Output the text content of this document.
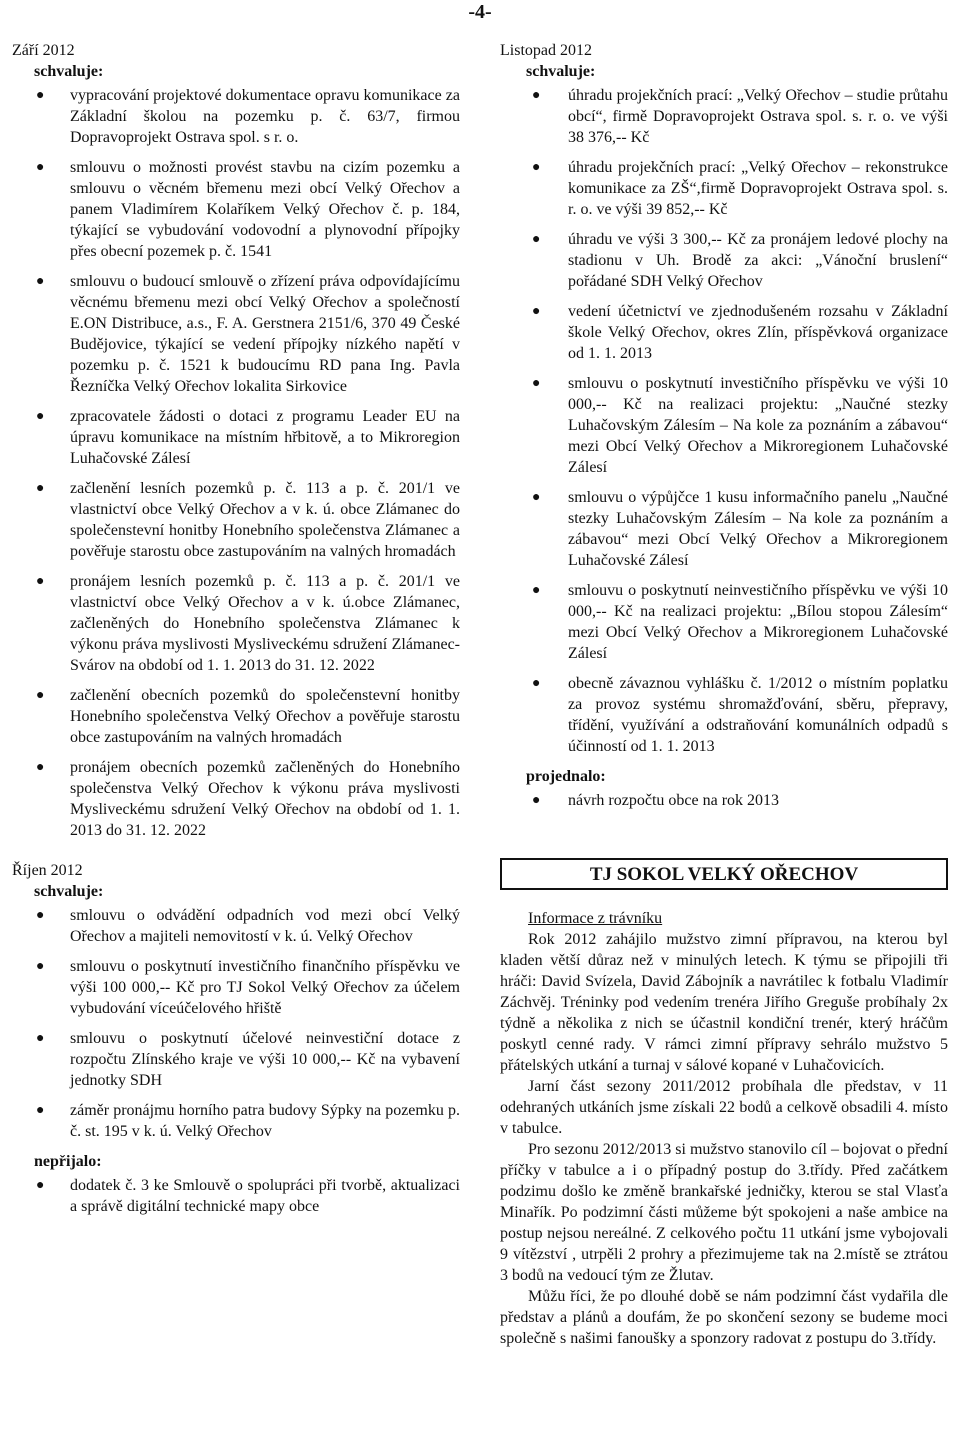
-4-
Září 2012
schvaluje:
● vypracování projektové dokumentace opravu komunikace za Základní školou na pozemku p. č. 63/7, firmou Dopravoprojekt Ostrava spol. s r. o.
● smlouvu o možnosti provést stavbu na cizím pozemku a smlouvu o věcném břemenu mezi obcí Velký Ořechov a panem Vladimírem Kolaříkem Velký Ořechov č. p. 184, týkající se vybudování vodovodní a plynovodní přípojky přes obecní pozemek p. č. 1541
● smlouvu o budoucí smlouvě o zřízení práva odpovídajícímu věcnému břemenu mezi obcí Velký Ořechov a společností E.ON Distribuce, a.s., F. A. Gerstnera 2151/6, 370 49 České Budějovice, týkající se vedení přípojky nízkého napětí v pozemku p. č. 1521 k budoucímu RD pana Ing. Pavla Řezníčka Velký Ořechov lokalita Sirkovice
● zpracovatele žádosti o dotaci z programu Leader EU na úpravu komunikace na místním hřbitově, a to Mikroregion Luhačovské Zálesí
● začlenění lesních pozemků p. č. 113 a p. č. 201/1 ve vlastnictví obce Velký Ořechov a v k. ú. obce Zlámanec do společenstevní honitby Honebního společenstva Zlámanec a pověřuje starostu obce zastupováním na valných hromadách
● pronájem lesních pozemků p. č. 113 a p. č. 201/1 ve vlastnictví obce Velký Ořechov a v k. ú.obce Zlámanec, začleněných do Honebního společenstva Zlámanec k výkonu práva myslivosti Mysliveckému sdružení Zlámanec-Svárov na období od 1. 1. 2013 do 31. 12. 2022
● začlenění obecních pozemků do společenstevní honitby Honebního společenstva Velký Ořechov a pověřuje starostu obce zastupováním na valných hromadách
● pronájem obecních pozemků začleněných do Honebního společenstva Velký Ořechov k výkonu práva myslivosti Mysliveckému sdružení Velký Ořechov na období od 1. 1. 2013 do 31. 12. 2022
Říjen 2012
schvaluje:
● smlouvu o odvádění odpadních vod mezi obcí Velký Ořechov a majiteli nemovitostí v k. ú. Velký Ořechov
● smlouvu o poskytnutí investičního finančního příspěvku ve výši 100 000,-- Kč pro TJ Sokol Velký Ořechov za účelem vybudování víceúčelového hřiště
● smlouvu o poskytnutí účelové neinvestiční dotace z rozpočtu Zlínského kraje ve výši 10 000,-- Kč na vybavení jednotky SDH
● záměr pronájmu horního patra budovy Sýpky na pozemku p. č. st. 195 v k. ú. Velký Ořechov
nepřijalo:
● dodatek č. 3 ke Smlouvě o spolupráci při tvorbě, aktualizaci a správě digitální technické mapy obce
Listopad 2012
schvaluje:
● úhradu projekčních prací: „Velký Ořechov – studie průtahu obcí“, firmě Dopravoprojekt Ostrava spol. s. r. o. ve výši 38 376,-- Kč
● úhradu projekčních prací: „Velký Ořechov – rekonstrukce komunikace za ZŠ“,firmě Dopravoprojekt Ostrava spol. s. r. o. ve výši 39 852,-- Kč
● úhradu ve výši 3 300,-- Kč za pronájem ledové plochy na stadionu v Uh. Brodě za akci: „Vánoční bruslení“ pořádané SDH Velký Ořechov
● vedení účetnictví ve zjednodušeném rozsahu v Základní škole Velký Ořechov, okres Zlín, příspěvková organizace od 1. 1. 2013
● smlouvu o poskytnutí investičního příspěvku ve výši 10 000,-- Kč na realizaci projektu: „Naučné stezky Luhačovským Zálesím – Na kole za poznáním a zábavou“ mezi Obcí Velký Ořechov a Mikroregionem Luhačovské Zálesí
● smlouvu o výpůjčce 1 kusu informačního panelu „Naučné stezky Luhačovským Zálesím – Na kole za poznáním a zábavou“ mezi Obcí Velký Ořechov a Mikroregionem Luhačovské Zálesí
● smlouvu o poskytnutí neinvestičního příspěvku ve výši 10 000,-- Kč na realizaci projektu: „Bílou stopou Zálesím“ mezi Obcí Velký Ořechov a Mikroregionem Luhačovské Zálesí
● obecně závaznou vyhlášku č. 1/2012 o místním poplatku za provoz systému shromažďování, sběru, přepravy, třídění, využívání a odstraňování komunálních odpadů s účinností od 1. 1. 2013
projednalo:
● návrh rozpočtu obce na rok 2013
TJ SOKOL VELKÝ OŘECHOV
Informace z trávníku

Rok 2012 zahájilo mužstvo zimní přípravou, na kterou byl kladen větší důraz než v minulých letech. K týmu se připojili tři hráči: David Svízela, David Zábojník a navrátilec k fotbalu Vladimír Záchvěj. Tréninky pod vedením trenéra Jiřího Greguše probíhaly 2x týdně a několika z nich se účastnil kondiční trenér, který hráčům poskytl cenné rady. V rámci zimní přípravy sehrálo mužstvo 5 přátelských utkání a turnaj v sálové kopané v Luhačovicích.

Jarní část sezony 2011/2012 probíhala dle představ, v 11 odehraných utkáních jsme získali 22 bodů a celkově obsadili 4. místo v tabulce.

Pro sezonu 2012/2013 si mužstvo stanovilo cíl – bojovat o přední příčky v tabulce a i o případný postup do 3.třídy. Před začátkem podzimu došlo ke změně brankařské jedničky, kterou se stal Vlasťa Minařík. Po podzimní části můžeme být spokojeni a naše ambice na postup nejsou nereálné. Z celkového počtu 11 utkání jsme vybojovali 9 vítězství , utrpěli 2 prohry a přezimujeme tak na 2.místě se ztrátou 3 bodů na vedoucí tým ze Žlutav.

Můžu říci, že po dlouhé době se nám podzimní část vydařila dle představ a plánů a doufám, že po skončení sezony se budeme moci společně s našimi fanoušky a sponzory radovat z postupu do 3.třídy.
